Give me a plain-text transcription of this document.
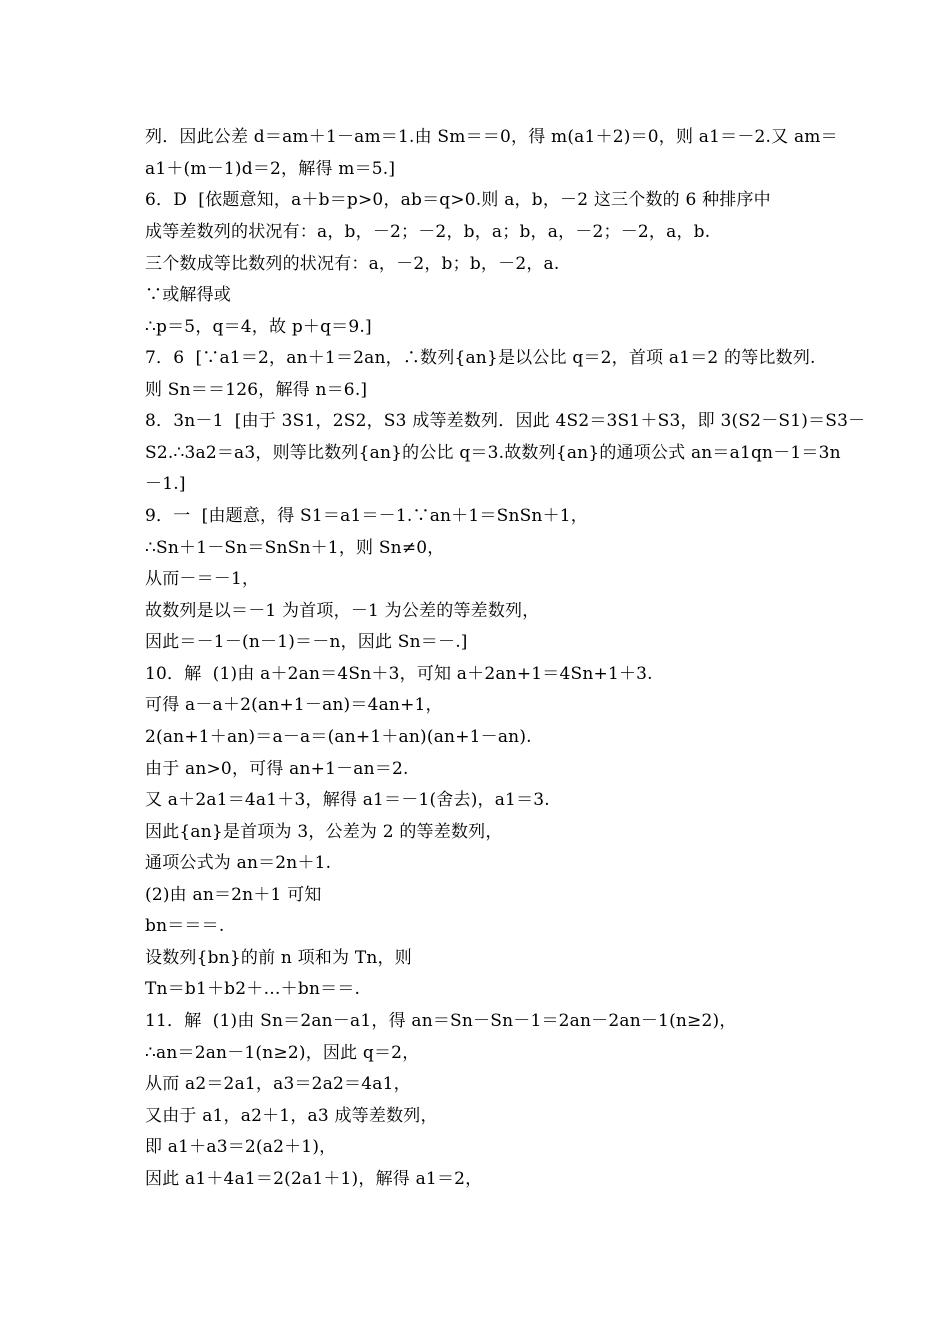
列．因此公差 d＝am＋1－am＝1.由 Sm＝＝0，得 m(a1＋2)＝0，则 a1＝－2.又 am＝
a1＋(m－1)d＝2，解得 m＝5.]
6．D  [依题意知，a＋b＝p>0，ab＝q>0.则 a，b，－2 这三个数的 6 种排序中
成等差数列的状况有：a，b，－2；－2，b，a；b，a，－2；－2，a，b.
三个数成等比数列的状况有：a，－2，b；b，－2，a.
∵或解得或
∴p＝5，q＝4，故 p＋q＝9.]
7．6  [∵a1＝2，an＋1＝2an，∴数列{an}是以公比 q＝2，首项 a1＝2 的等比数列.
则 Sn＝＝126，解得 n＝6.]
8．3n－1  [由于 3S1，2S2，S3 成等差数列．因此 4S2＝3S1＋S3，即 3(S2－S1)＝S3－
S2.∴3a2＝a3，则等比数列{an}的公比 q＝3.故数列{an}的通项公式 an＝a1qn－1＝3n
－1.]
9．一  [由题意，得 S1＝a1＝－1.∵an＋1＝SnSn＋1，
∴Sn＋1－Sn＝SnSn＋1，则 Sn≠0，
从而－＝－1，
故数列是以＝－1 为首项，－1 为公差的等差数列，
因此＝－1－(n－1)＝－n，因此 Sn＝－.]
10．解  (1)由 a＋2an＝4Sn＋3，可知 a＋2an+1＝4Sn+1＋3.
可得 a－a＋2(an+1－an)＝4an+1，
2(an+1＋an)＝a－a＝(an+1＋an)(an+1－an).
由于 an>0，可得 an+1－an＝2.
又 a＋2a1＝4a1＋3，解得 a1＝－1(舍去)，a1＝3.
因此{an}是首项为 3，公差为 2 的等差数列，
通项公式为 an＝2n＋1.
(2)由 an＝2n＋1 可知
bn＝＝＝.
设数列{bn}的前 n 项和为 Tn，则
Tn＝b1＋b2＋…＋bn＝＝.
11．解  (1)由 Sn＝2an－a1，得 an＝Sn－Sn－1＝2an－2an－1(n≥2)，
∴an＝2an－1(n≥2)，因此 q＝2，
从而 a2＝2a1，a3＝2a2＝4a1，
又由于 a1，a2＋1，a3 成等差数列，
即 a1＋a3＝2(a2＋1)，
因此 a1＋4a1＝2(2a1＋1)，解得 a1＝2，
